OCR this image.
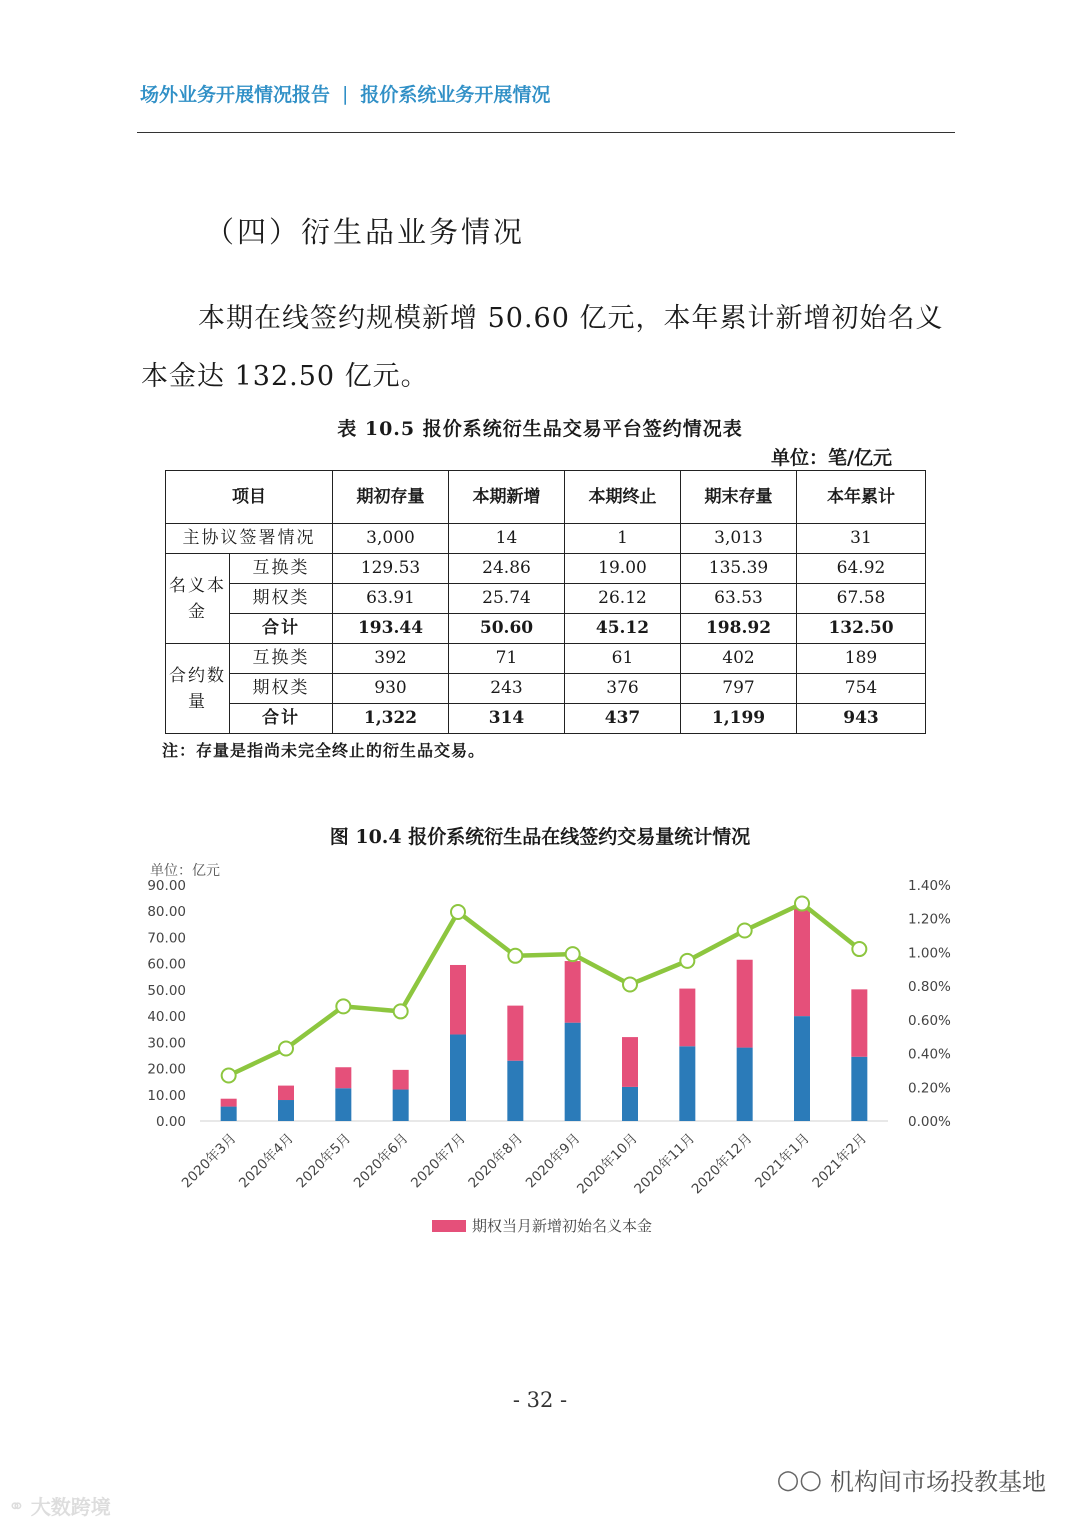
场外业务开展情况报告 | 报价系统业务开展情况
（四）衍生品业务情况
本期在线签约规模新增 50.60 亿元，本年累计新增初始名义本金达 132.50 亿元。
表 10.5 报价系统衍生品交易平台签约情况表
单位：笔/亿元
项目		期初存量	本期新增	本期终止	期末存量	本年累计
主协议签署情况		3,000	14	1	3,013	31
名义本金	互换类	129.53	24.86	19.00	135.39	64.92
	期权类	63.91	25.74	26.12	63.53	67.58
	合计	193.44	50.60	45.12	198.92	132.50
合约数量	互换类	392	71	61	402	189
	期权类	930	243	376	797	754
	合计	1,322	314	437	1,199	943
注：存量是指尚未完全终止的衍生品交易。
图 10.4 报价系统衍生品在线签约交易量统计情况
单位：亿元
0.00
10.00
20.00
30.00
40.00
50.00
60.00
70.00
80.00
90.00
0.00%
0.20%
0.40%
0.60%
0.80%
1.00%
1.20%
1.40%
2020年3月
2020年4月
2020年5月
2020年6月
2020年7月
2020年8月
2020年9月
2020年10月
2020年11月
2020年12月
2021年1月
2021年2月
期权当月新增初始名义本金
- 32 -
⚭ 大数跨境
○○ 机构间市场投教基地
